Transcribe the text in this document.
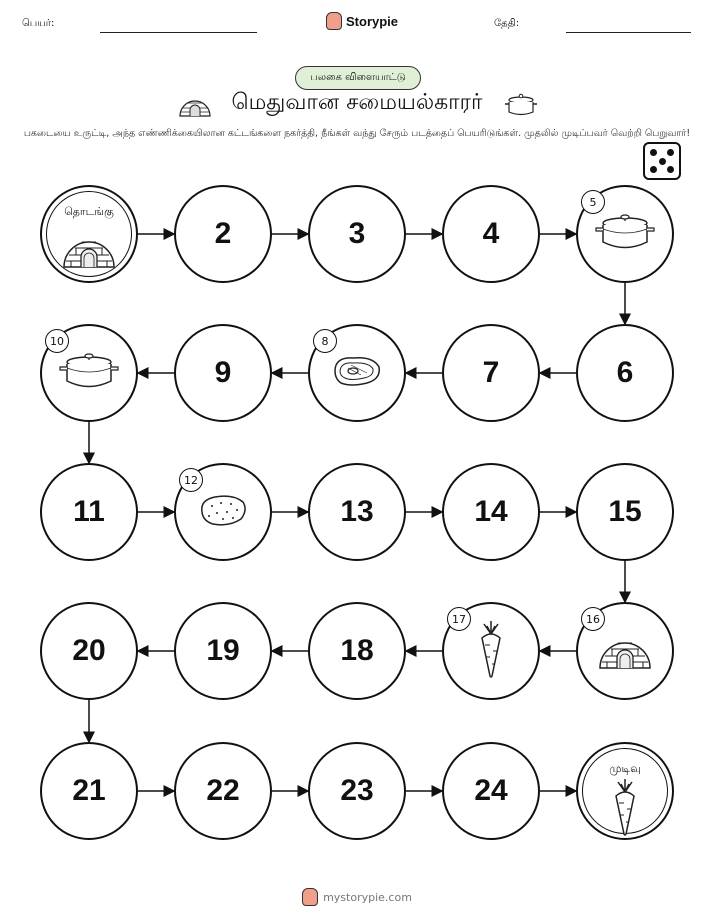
பெயர்:	Storypie	தேதி:
பலகை விளையாட்டு
மெதுவான சமையல்காரர்
பகடையை உருட்டி, அந்த எண்ணிக்கையிலான கட்டங்களை நகர்த்தி, நீங்கள் வந்து சேரும் படத்தைப் பெயரிடுங்கள். முதலில் முடிப்பவர் வெற்றி பெறுவார்!
தொடங்கு
2	3	4
5
10
9
8
7	6
11
12
13	14	15
20	19	18
17	16
21	22	23	24
முடிவு
mystorypie.com
